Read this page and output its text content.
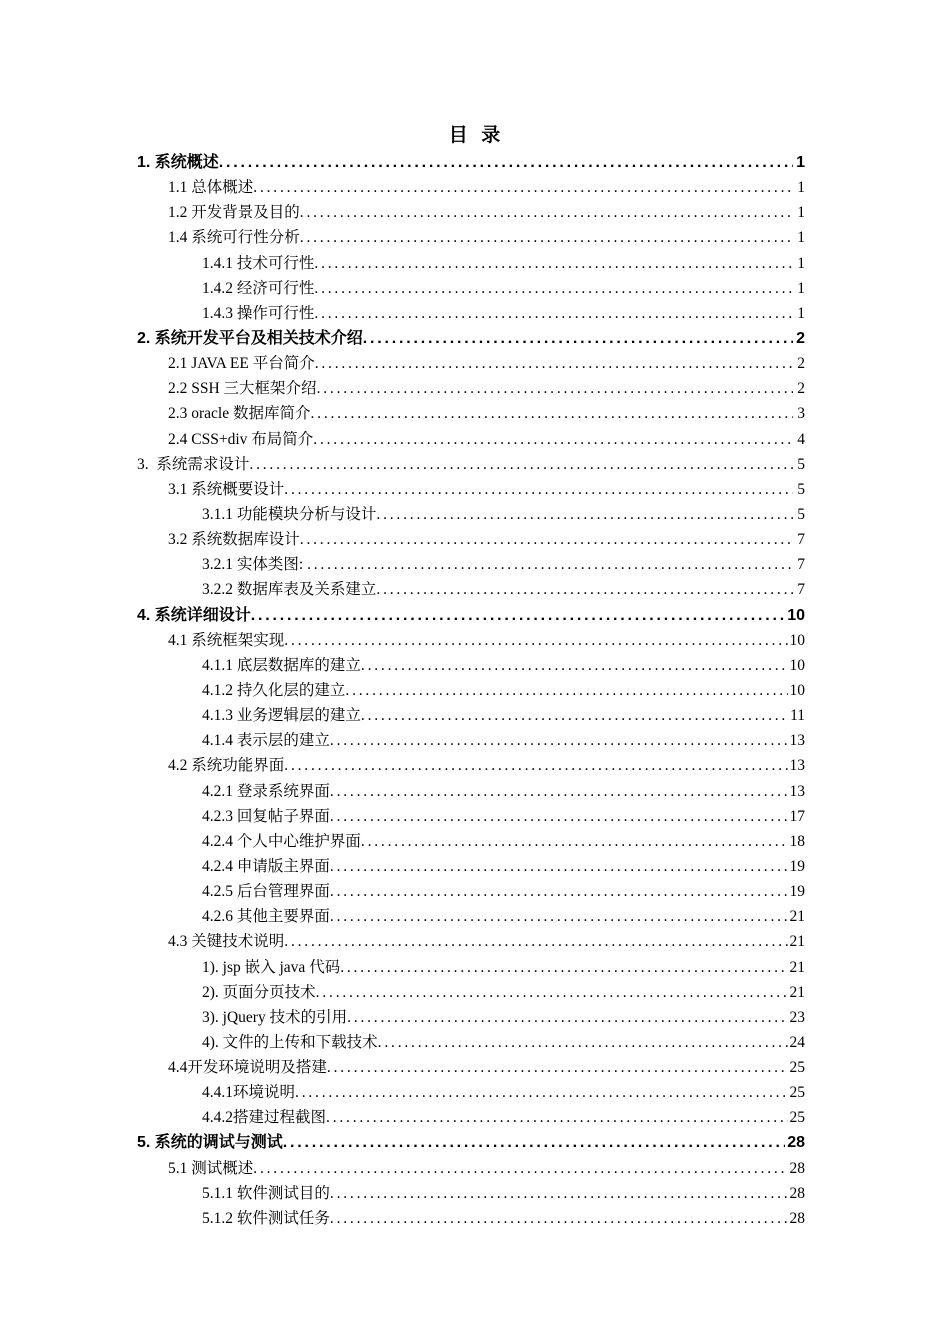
目  录
1. 系统概述 .....	1
1.1 总体概述 .....	1
1.2 开发背景及目的 .....	1
1.4 系统可行性分析 .....	1
1.4.1 技术可行性 .....	1
1.4.2 经济可行性 .....	1
1.4.3 操作可行性 .....	1
2. 系统开发平台及相关技术介绍 .....	2
2.1 JAVA EE 平台简介 .....	2
2.2 SSH 三大框架介绍 .....	2
2.3 oracle 数据库简介 .....	3
2.4 CSS+div 布局简介 .....	4
3.  系统需求设计 .....	5
3.1 系统概要设计 .....	5
3.1.1 功能模块分析与设计 .....	5
3.2 系统数据库设计 .....	7
3.2.1 实体类图: .....	7
3.2.2 数据库表及关系建立 .....	7
4. 系统详细设计 .....	10
4.1 系统框架实现 .....	10
4.1.1 底层数据库的建立 .....	10
4.1.2 持久化层的建立 .....	10
4.1.3 业务逻辑层的建立 .....	11
4.1.4 表示层的建立 .....	13
4.2 系统功能界面 .....	13
4.2.1 登录系统界面 .....	13
4.2.3 回复帖子界面 .....	17
4.2.4 个人中心维护界面 .....	18
4.2.4 申请版主界面 .....	19
4.2.5 后台管理界面 .....	19
4.2.6 其他主要界面 .....	21
4.3 关键技术说明 .....	21
1). jsp 嵌入 java 代码 .....	21
2). 页面分页技术 .....	21
3). jQuery 技术的引用 .....	23
4). 文件的上传和下载技术 .....	24
4.4开发环境说明及搭建 .....	25
4.4.1环境说明 .....	25
4.4.2搭建过程截图 .....	25
5. 系统的调试与测试 .....	28
5.1 测试概述 .....	28
5.1.1 软件测试目的 .....	28
5.1.2 软件测试任务 .....	28
